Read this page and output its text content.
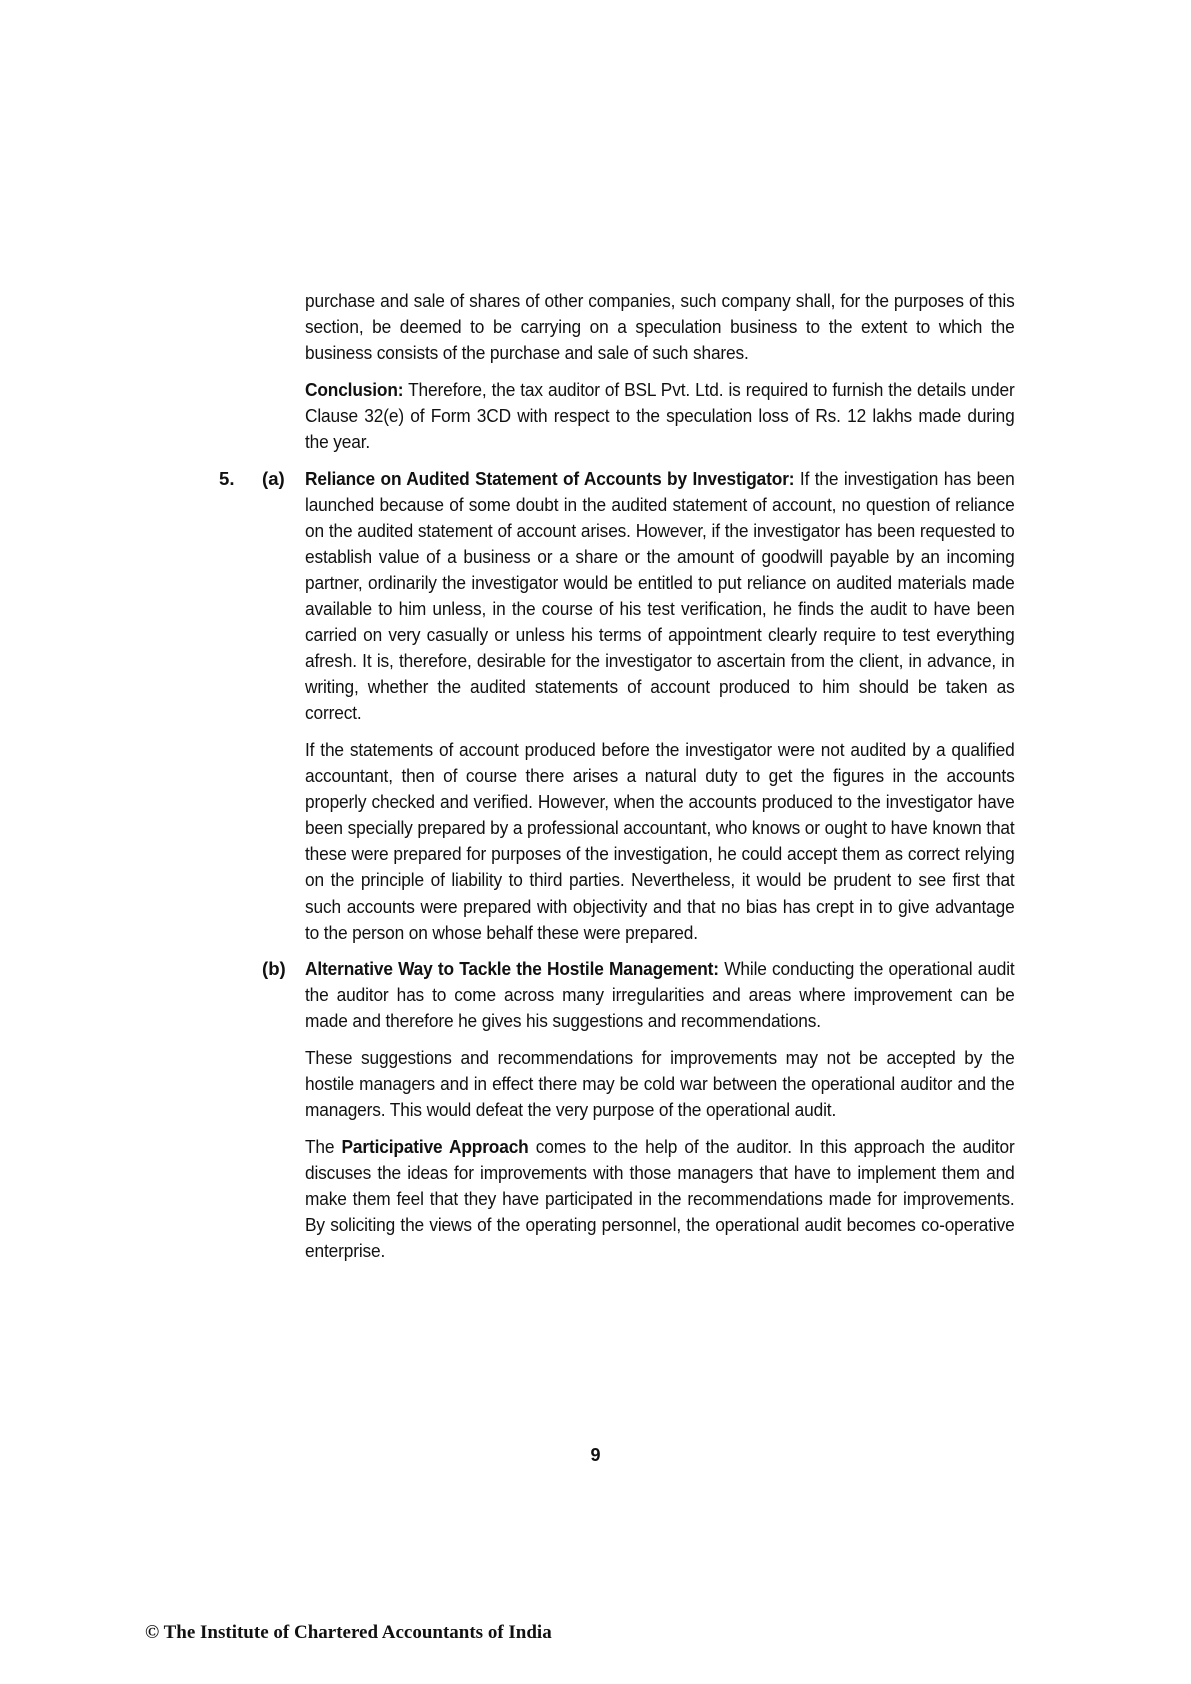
purchase and sale of shares of other companies, such company shall, for the purposes of this section, be deemed to be carrying on a speculation business to the extent to which the business consists of the purchase and sale of such shares.

Conclusion: Therefore, the tax auditor of BSL Pvt. Ltd. is required to furnish the details under Clause 32(e) of Form 3CD with respect to the speculation loss of Rs. 12 lakhs made during the year.

5. (a) Reliance on Audited Statement of Accounts by Investigator: If the investigation has been launched because of some doubt in the audited statement of account, no question of reliance on the audited statement of account arises. However, if the investigator has been requested to establish value of a business or a share or the amount of goodwill payable by an incoming partner, ordinarily the investigator would be entitled to put reliance on audited materials made available to him unless, in the course of his test verification, he finds the audit to have been carried on very casually or unless his terms of appointment clearly require to test everything afresh. It is, therefore, desirable for the investigator to ascertain from the client, in advance, in writing, whether the audited statements of account produced to him should be taken as correct.

If the statements of account produced before the investigator were not audited by a qualified accountant, then of course there arises a natural duty to get the figures in the accounts properly checked and verified. However, when the accounts produced to the investigator have been specially prepared by a professional accountant, who knows or ought to have known that these were prepared for purposes of the investigation, he could accept them as correct relying on the principle of liability to third parties. Nevertheless, it would be prudent to see first that such accounts were prepared with objectivity and that no bias has crept in to give advantage to the person on whose behalf these were prepared.

(b) Alternative Way to Tackle the Hostile Management: While conducting the operational audit the auditor has to come across many irregularities and areas where improvement can be made and therefore he gives his suggestions and recommendations.

These suggestions and recommendations for improvements may not be accepted by the hostile managers and in effect there may be cold war between the operational auditor and the managers. This would defeat the very purpose of the operational audit.

The Participative Approach comes to the help of the auditor. In this approach the auditor discuses the ideas for improvements with those managers that have to implement them and make them feel that they have participated in the recommendations made for improvements. By soliciting the views of the operating personnel, the operational audit becomes co-operative enterprise.

9
© The Institute of Chartered Accountants of India
